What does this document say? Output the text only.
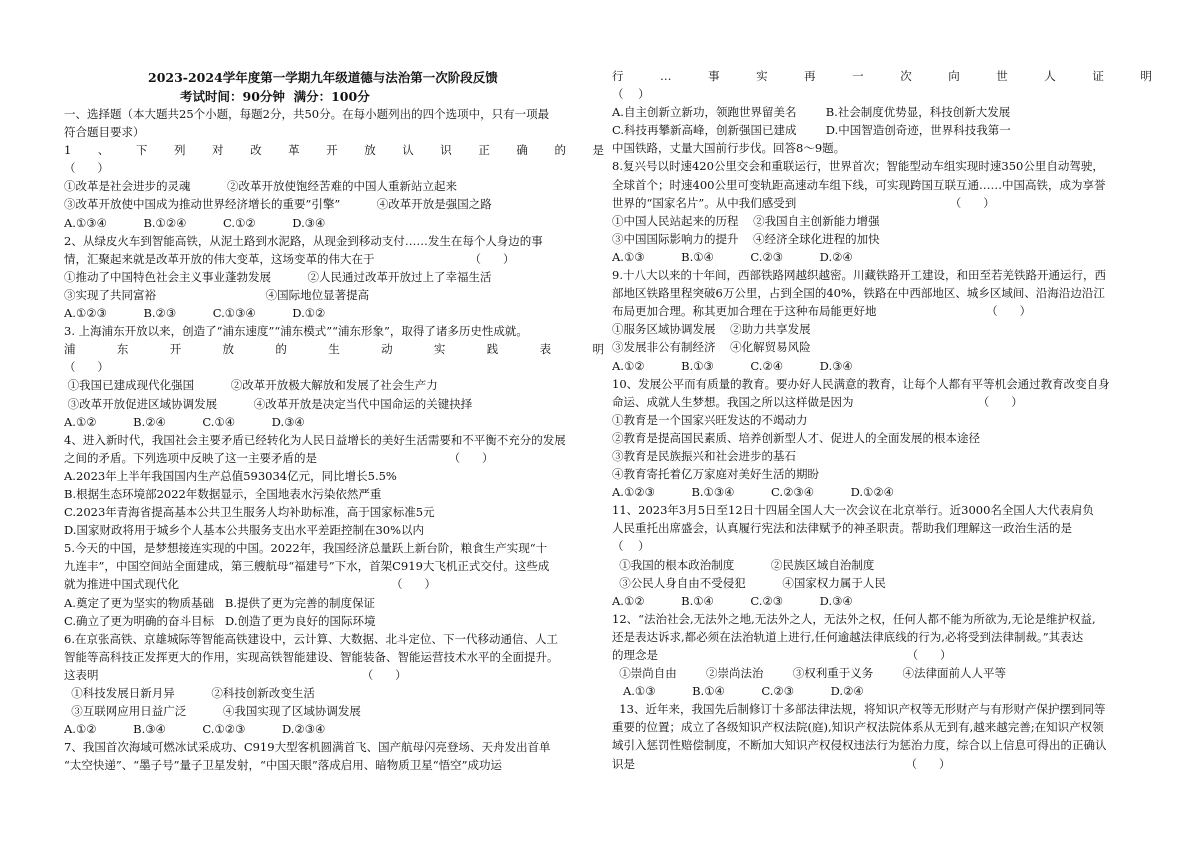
2023-2024学年度第一学期九年级道德与法治第一次阶段反馈
考试时间：90分钟  满分：100分
一、选择题（本大题共25个小题，每题2分，共50分。在每小题列出的四个选项中，只有一项最
符合题目要求）
1 、 下 列 对 改 革 开 放 认 识 正 确 的 是
（      ）
①改革是社会进步的灵魂          ②改革开放使饱经苦难的中国人重新站立起来
③改革开放使中国成为推动世界经济增长的重要”引擎”          ④改革开放是强国之路
A.①③④          B.①②④          C.①②          D.③④
2、从绿皮火车到智能高铁，从泥土路到水泥路，从现金到移动支付……发生在每个人身边的事
情，汇聚起来就是改革开放的伟大变革，这场变革的伟大在于                          （      ）
①推动了中国特色社会主义事业蓬勃发展          ②人民通过改革开放过上了幸福生活
③实现了共同富裕                              ④国际地位显著提高
A.①②③          B.②③          C.①③④          D.①②
3. 上海浦东开放以来，创造了“浦东速度”“浦东模式”“浦东形象”，取得了诸多历史性成就。
浦	东	开	放	的	生	动	实	践	表	明
（      ）
①我国已建成现代化强国          ②改革开放极大解放和发展了社会生产力
③改革开放促进区域协调发展          ④改革开放是决定当代中国命运的关键抉择
A.①②          B.②④          C.①④          D.③④
4、进入新时代，我国社会主要矛盾已经转化为人民日益增长的美好生活需要和不平衡不充分的发展
之间的矛盾。下列选项中反映了这一主要矛盾的是                                    （      ）
A.2023年上半年我国国内生产总值593034亿元，同比增长5.5%
B.根据生态环境部2022年数据显示，全国地表水污染依然严重
C.2023年青海省提高基本公共卫生服务人均补助标准，高于国家标准5元
D.国家财政将用于城乡个人基本公共服务支出水平差距控制在30%以内
5.今天的中国，是梦想接连实现的中国。2022年，我国经济总量跃上新台阶，粮食生产实现“十
九连丰”，中国空间站全面建成，第三艘航母“福建号”下水，首架C919大飞机正式交付。这些成
就为推进中国式现代化                                                          （      ）
A.奠定了更为坚实的物质基础   B.提供了更为完善的制度保证
C.确立了更为明确的奋斗目标   D.创造了更为良好的国际环境
6.在京张高铁、京雄城际等智能高铁建设中，云计算、大数据、北斗定位、下一代移动通信、人工
智能等高科技正发挥更大的作用，实现高铁智能建设、智能装备、智能运营技术水平的全面提升。
这表明                                                                        （      ）
①科技发展日新月异          ②科技创新改变生活
③互联网应用日益广泛          ④我国实现了区域协调发展
A.①②          B.③④          C.①②③          D.②③④
7、我国首次海域可燃冰试采成功、C919大型客机圆满首飞、国产航母闪亮登场、天舟发出首单
“太空快递”、“墨子号”量子卫星发射，“中国天眼”落成启用、暗物质卫星“悟空”成功运
行	…	事	实	再	一	次	向	世	人	证	明
（    ）
A.自主创新立新功，领跑世界留美名        B.社会制度优势显，科技创新大发展
C.科技再攀新高峰，创新强国已建成        D.中国智造创奇迹，世界科技我第一
中国铁路，丈量大国前行步伐。回答8～9题。
8.复兴号以时速420公里交会和重联运行，世界首次；智能型动车组实现时速350公里自动驾驶，
全球首个；时速400公里可变轨距高速动车组下线，可实现跨国互联互通……中国高铁，成为享誉
世界的“国家名片”。从中我们感受到                                          （      ）
①中国人民站起来的历程    ②我国自主创新能力增强
③中国国际影响力的提升    ④经济全球化进程的加快
A.①③          B.①④          C.②③          D.②④
9.十八大以来的十年间，西部铁路网越织越密。川藏铁路开工建设，和田至若羌铁路开通运行，西
部地区铁路里程突破6万公里，占到全国的40%，铁路在中西部地区、城乡区域间、沿海沿边沿江
布局更加合理。称其更加合理在于这种布局能更好地                              （      ）
①服务区域协调发展    ②助力共享发展
③发展非公有制经济    ④化解贸易风险
A.①②          B.①③          C.②④          D.③④
10、发展公平而有质量的教育。要办好人民满意的教育，让每个人都有平等机会通过教育改变自身
命运、成就人生梦想。我国之所以这样做是因为                                  （      ）
①教育是一个国家兴旺发达的不竭动力
②教育是提高国民素质、培养创新型人才、促进人的全面发展的根本途径
③教育是民族振兴和社会进步的基石
④教育寄托着亿万家庭对美好生活的期盼
A.①②③          B.①③④          C.②③④          D.①②④
11、2023年3月5日至12日十四届全国人大一次会议在北京举行。近3000名全国人大代表肩负
人民重托出席盛会，认真履行宪法和法律赋予的神圣职责。帮助我们理解这一政治生活的是
（    ）
①我国的根本政治制度          ②民族区域自治制度
③公民人身自由不受侵犯          ④国家权力属于人民
A.①②          B.①④          C.②③          D.③④
12、“法治社会,无法外之地,无法外之人，无法外之权，任何人都不能为所欲为,无论是维护权益,
还是表达诉求,都必须在法治轨道上进行,任何逾越法律底线的行为,必将受到法律制裁。”其表达
的理念是                                                                    （      ）
①崇尚自由        ②崇尚法治        ③权利重于义务        ④法律面前人人平等
A.①③          B.①④          C.②③          D.②④
13、近年来，我国先后制修订十多部法律法规，将知识产权等无形财产与有形财产保护摆到同等
重要的位置；成立了各级知识产权法院(庭),知识产权法院体系从无到有,越来越完善;在知识产权领
域引入惩罚性赔偿制度，不断加大知识产权侵权违法行为惩治力度，综合以上信息可得出的正确认
识是                                                                          （      ）
